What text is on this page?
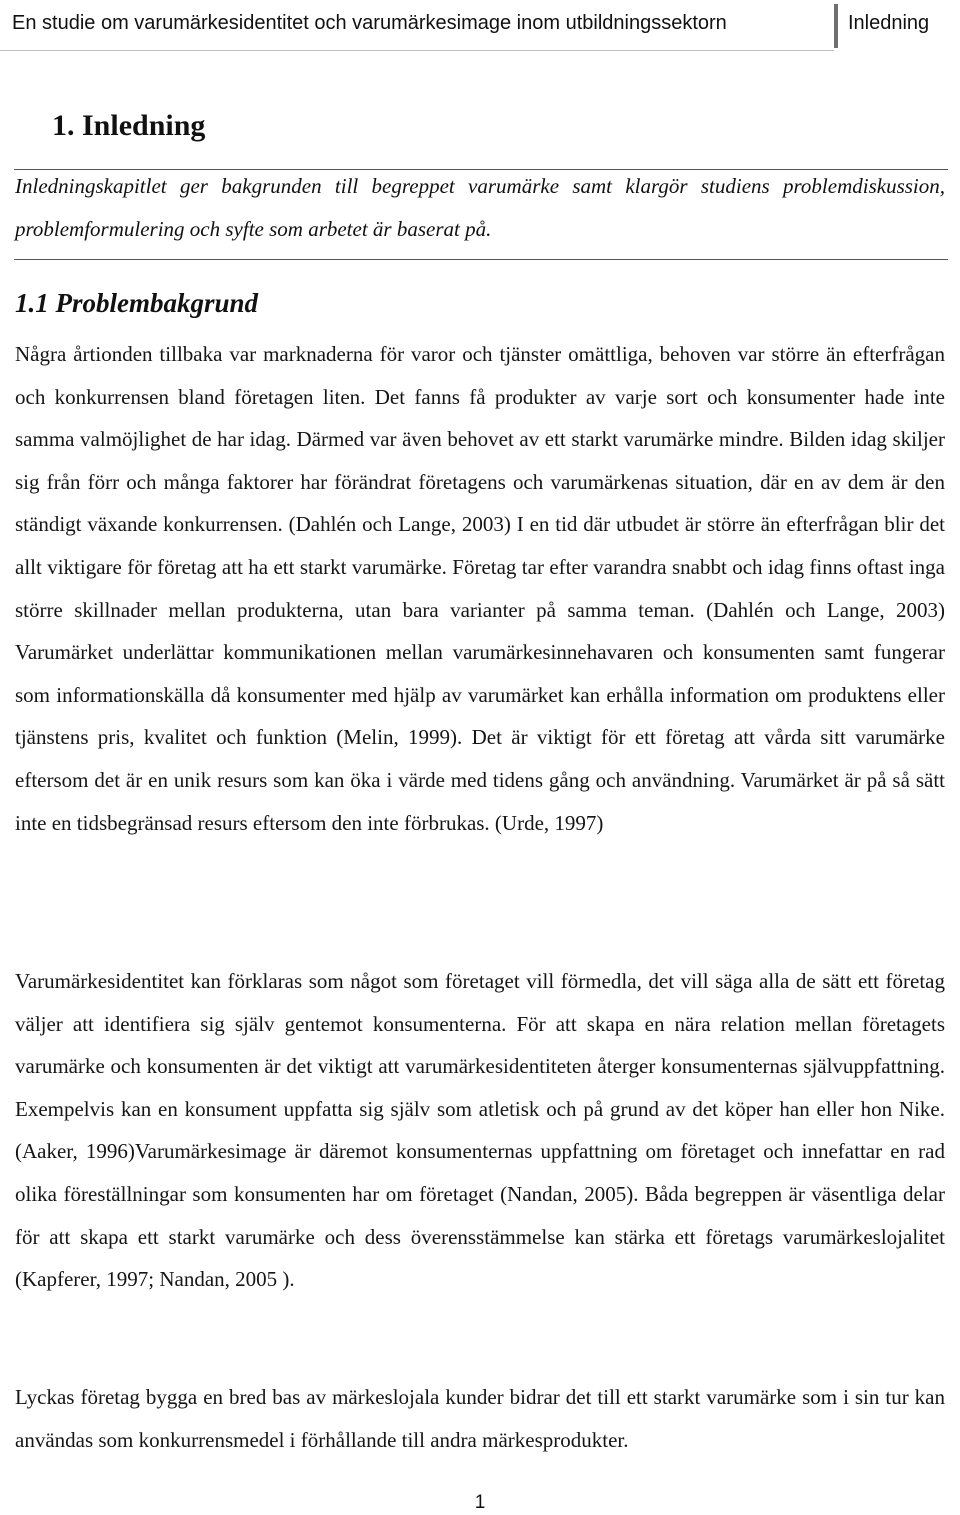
En studie om varumärkesidentitet och varumärkesimage inom utbildningssektorn	Inledning
1. Inledning

Inledningskapitlet ger bakgrunden till begreppet varumärke samt klargör studiens problemdiskussion, problemformulering och syfte som arbetet är baserat på.

1.1 Problembakgrund

Några årtionden tillbaka var marknaderna för varor och tjänster omättliga, behoven var större än efterfrågan och konkurrensen bland företagen liten. Det fanns få produkter av varje sort och konsumenter hade inte samma valmöjlighet de har idag. Därmed var även behovet av ett starkt varumärke mindre. Bilden idag skiljer sig från förr och många faktorer har förändrat företagens och varumärkenas situation, där en av dem är den ständigt växande konkurrensen. (Dahlén och Lange, 2003) I en tid där utbudet är större än efterfrågan blir det allt viktigare för företag att ha ett starkt varumärke. Företag tar efter varandra snabbt och idag finns oftast inga större skillnader mellan produkterna, utan bara varianter på samma teman. (Dahlén och Lange, 2003) Varumärket underlättar kommunikationen mellan varumärkesinnehavaren och konsumenten samt fungerar som informationskälla då konsumenter med hjälp av varumärket kan erhålla information om produktens eller tjänstens pris, kvalitet och funktion (Melin, 1999). Det är viktigt för ett företag att vårda sitt varumärke eftersom det är en unik resurs som kan öka i värde med tidens gång och användning. Varumärket är på så sätt inte en tidsbegränsad resurs eftersom den inte förbrukas. (Urde, 1997)

Varumärkesidentitet kan förklaras som något som företaget vill förmedla, det vill säga alla de sätt ett företag väljer att identifiera sig själv gentemot konsumenterna. För att skapa en nära relation mellan företagets varumärke och konsumenten är det viktigt att varumärkesidentiteten återger konsumenternas självuppfattning. Exempelvis kan en konsument uppfatta sig själv som atletisk och på grund av det köper han eller hon Nike. (Aaker, 1996)Varumärkesimage är däremot konsumenternas uppfattning om företaget och innefattar en rad olika föreställningar som konsumenten har om företaget (Nandan, 2005). Båda begreppen är väsentliga delar för att skapa ett starkt varumärke och dess överensstämmelse kan stärka ett företags varumärkeslojalitet (Kapferer, 1997; Nandan, 2005 ).

Lyckas företag bygga en bred bas av märkeslojala kunder bidrar det till ett starkt varumärke som i sin tur kan användas som konkurrensmedel i förhållande till andra märkesprodukter.

1
